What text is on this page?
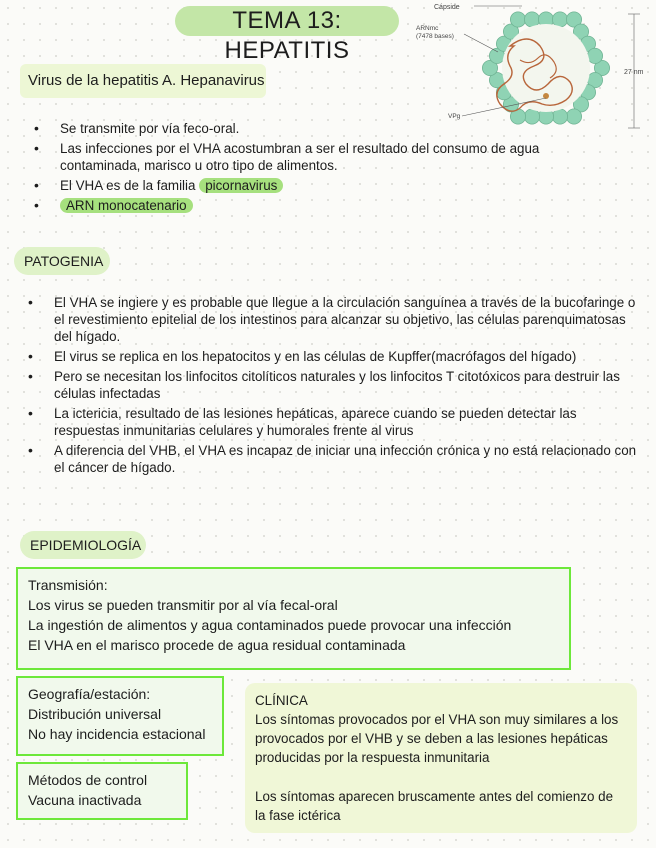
TEMA 13: HEPATITIS
Cápside
ARNmc
(7478 bases)
VPg
27 nm
Virus de la hepatitis A. Hepanavirus
• Se transmite por vía feco-oral.
• Las infecciones por el VHA acostumbran a ser el resultado del consumo de agua contaminada, marisco u otro tipo de alimentos.
• El VHA es de la familia picornavirus
• ARN monocatenario
PATOGENIA
• El VHA se ingiere y es probable que llegue a la circulación sanguínea a través de la bucofaringe o el revestimiento epitelial de los intestinos para alcanzar su objetivo, las células parenquimatosas del hígado.
• El virus se replica en los hepatocitos y en las células de Kupffer(macrófagos del hígado)
• Pero se necesitan los linfocitos citolíticos naturales y los linfocitos T citotóxicos para destruir las células infectadas
• La ictericia, resultado de las lesiones hepáticas, aparece cuando se pueden detectar las respuestas inmunitarias celulares y humorales frente al virus
• A diferencia del VHB, el VHA es incapaz de iniciar una infección crónica y no está relacionado con el cáncer de hígado.
EPIDEMIOLOGÍA
Transmisión:
Los virus se pueden transmitir por al vía fecal-oral
La ingestión de alimentos y agua contaminados puede provocar una infección
El VHA en el marisco procede de agua residual contaminada
Geografía/estación:
Distribución universal
No hay incidencia estacional
Métodos de control
Vacuna inactivada

CLÍNICA

Los síntomas provocados por el VHA son muy similares a los provocados por el VHB y se deben a las lesiones hepáticas producidas por la respuesta inmunitaria

Los síntomas aparecen bruscamente antes del comienzo de la fase ictérica
